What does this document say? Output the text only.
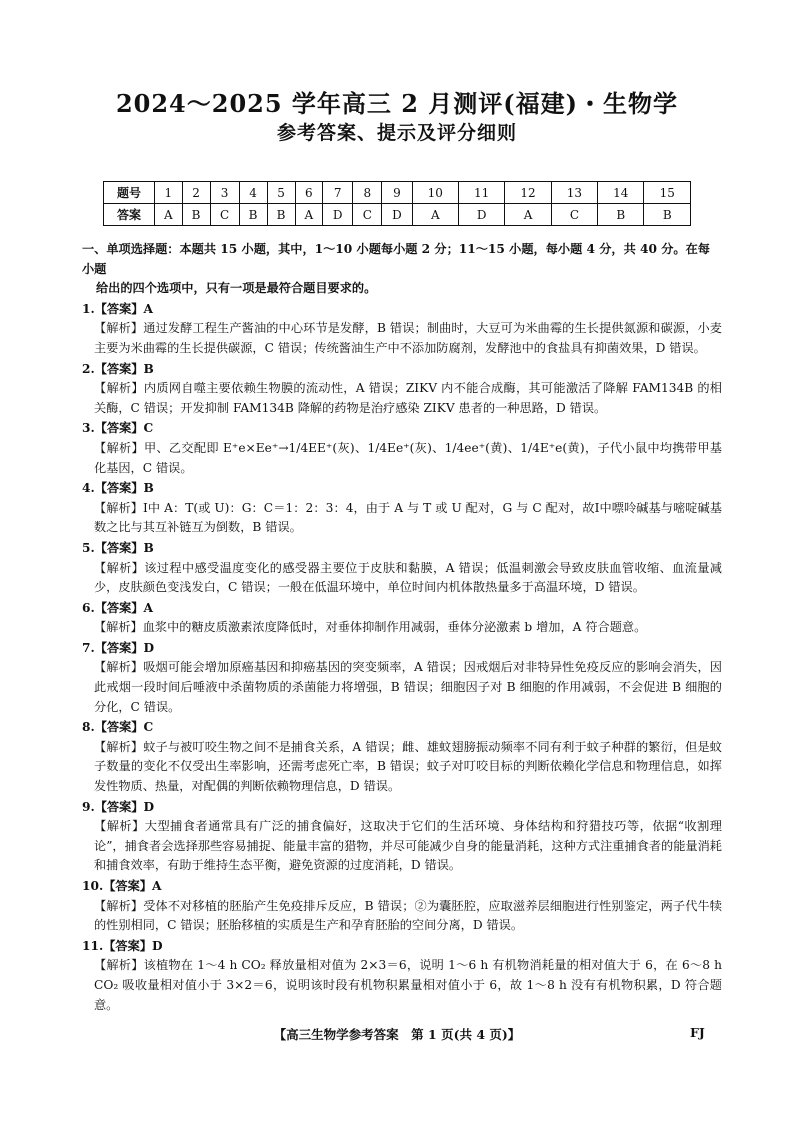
2024～2025 学年高三 2 月测评(福建)・生物学
参考答案、提示及评分细则
题号	1	2	3	4	5	6	7	8	9	10	11	12	13	14	15
答案	A	B	C	B	B	A	D	C	D	A	D	A	C	B	B
一、单项选择题：本题共 15 小题，其中，1～10 小题每小题 2 分；11～15 小题，每小题 4 分，共 40 分。在每小题
给出的四个选项中，只有一项是最符合题目要求的。
1.【答案】A
【解析】通过发酵工程生产酱油的中心环节是发酵，B 错误；制曲时，大豆可为米曲霉的生长提供氮源和碳源，小麦主要为米曲霉的生长提供碳源，C 错误；传统酱油生产中不添加防腐剂，发酵池中的食盐具有抑菌效果，D 错误。
2.【答案】B
【解析】内质网自噬主要依赖生物膜的流动性，A 错误；ZIKV 内不能合成酶，其可能激活了降解 FAM134B 的相关酶，C 错误；开发抑制 FAM134B 降解的药物是治疗感染 ZIKV 患者的一种思路，D 错误。
3.【答案】C
【解析】甲、乙交配即 E⁺e×Ee⁺→1/4EE⁺(灰)、1/4Ee⁺(灰)、1/4ee⁺(黄)、1/4E⁺e(黄)，子代小鼠中均携带甲基化基因，C 错误。
4.【答案】B
【解析】Ⅰ中 A：T(或 U)：G：C＝1：2：3：4，由于 A 与 T 或 U 配对，G 与 C 配对，故Ⅰ中嘌呤碱基与嘧啶碱基数之比与其互补链互为倒数，B 错误。
5.【答案】B
【解析】该过程中感受温度变化的感受器主要位于皮肤和黏膜，A 错误；低温刺激会导致皮肤血管收缩、血流量减少，皮肤颜色变浅发白，C 错误；一般在低温环境中，单位时间内机体散热量多于高温环境，D 错误。
6.【答案】A
【解析】血浆中的糖皮质激素浓度降低时，对垂体抑制作用减弱，垂体分泌激素 b 增加，A 符合题意。
7.【答案】D
【解析】吸烟可能会增加原癌基因和抑癌基因的突变频率，A 错误；因戒烟后对非特异性免疫反应的影响会消失，因此戒烟一段时间后唾液中杀菌物质的杀菌能力将增强，B 错误；细胞因子对 B 细胞的作用减弱，不会促进 B 细胞的分化，C 错误。
8.【答案】C
【解析】蚊子与被叮咬生物之间不是捕食关系，A 错误；雌、雄蚊翅膀振动频率不同有利于蚊子种群的繁衍，但是蚊子数量的变化不仅受出生率影响，还需考虑死亡率，B 错误；蚊子对叮咬目标的判断依赖化学信息和物理信息，如挥发性物质、热量，对配偶的判断依赖物理信息，D 错误。
9.【答案】D
【解析】大型捕食者通常具有广泛的捕食偏好，这取决于它们的生活环境、身体结构和狩猎技巧等，依据“收割理论”，捕食者会选择那些容易捕捉、能量丰富的猎物，并尽可能减少自身的能量消耗，这种方式注重捕食者的能量消耗和捕食效率，有助于维持生态平衡，避免资源的过度消耗，D 错误。
10.【答案】A
【解析】受体不对移植的胚胎产生免疫排斥反应，B 错误；②为囊胚腔，应取滋养层细胞进行性别鉴定，两子代牛犊的性别相同，C 错误；胚胎移植的实质是生产和孕育胚胎的空间分离，D 错误。
11.【答案】D
【解析】该植物在 1～4 h CO₂ 释放量相对值为 2×3＝6，说明 1～6 h 有机物消耗量的相对值大于 6，在 6～8 h CO₂ 吸收量相对值小于 3×2＝6，说明该时段有机物积累量相对值小于 6，故 1～8 h 没有有机物积累，D 符合题意。
【高三生物学参考答案　第 1 页(共 4 页)】	FJ
